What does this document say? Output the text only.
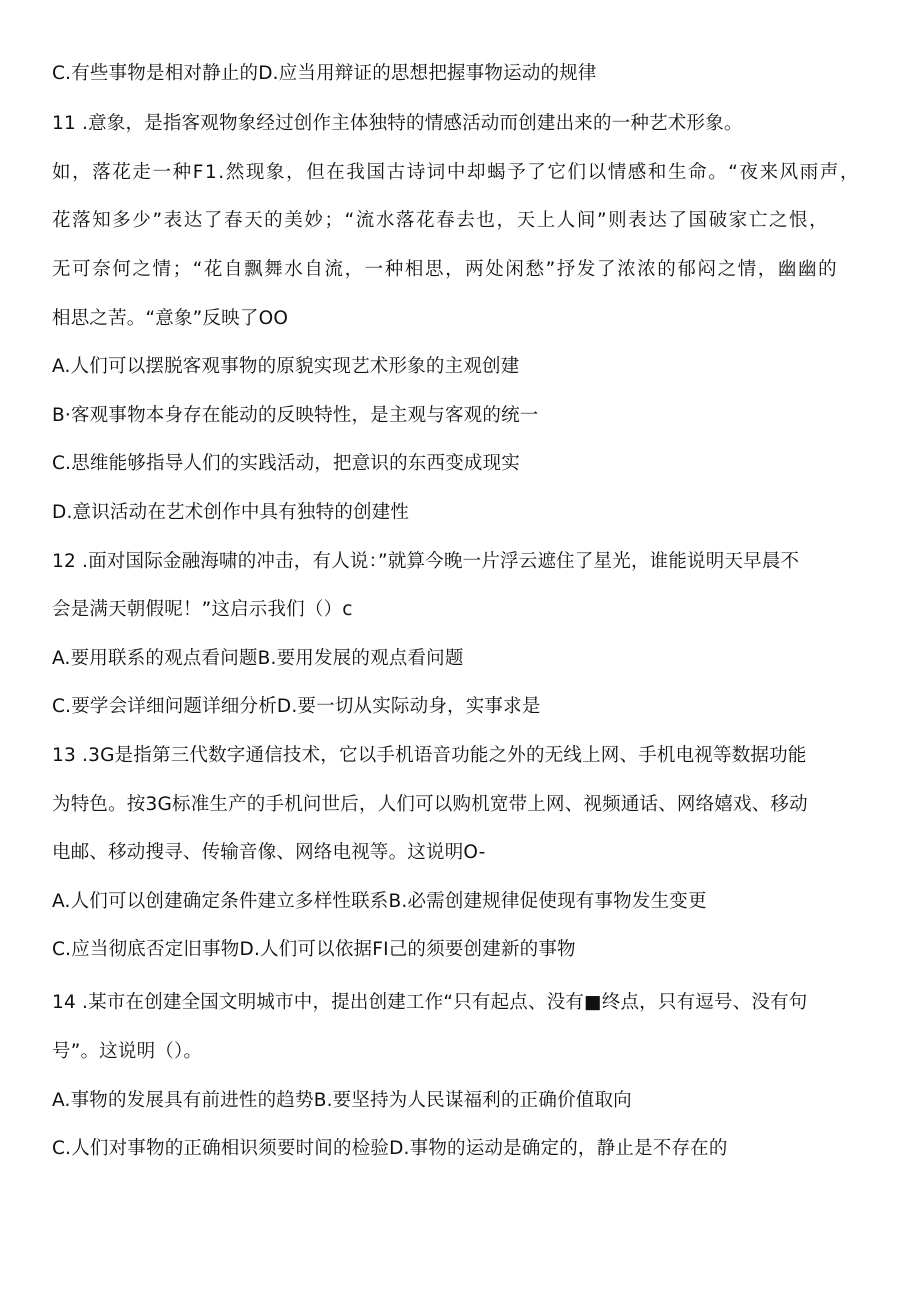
C.有些事物是相对静止的D.应当用辩证的思想把握事物运动的规律
11 .意象，是指客观物象经过创作主体独特的情感活动而创建出来的一种艺术形象。
如，落花走一种F1.然现象，但在我国古诗词中却蝎予了它们以情感和生命。“夜来风雨声，
花落知多少”表达了春天的美妙；“流水落花春去也，天上人间”则表达了国破家亡之恨，
无可奈何之情；“花自飘舞水自流，一种相思，两处闲愁”抒发了浓浓的郁闷之情，幽幽的
相思之苦。“意象”反映了OO
A.人们可以摆脱客观事物的原貌实现艺术形象的主观创建
B·客观事物本身存在能动的反映特性，是主观与客观的统一
C.思维能够指导人们的实践活动，把意识的东西变成现实
D.意识活动在艺术创作中具有独特的创建性
12 .面对国际金融海啸的冲击，有人说：”就算今晚一片浮云遮住了星光，谁能说明天早晨不
会是满天朝假呢！”这启示我们（）c
A.要用联系的观点看问题B.要用发展的观点看问题
C.要学会详细问题详细分析D.要一切从实际动身，实事求是
13 .3G是指第三代数字通信技术，它以手机语音功能之外的无线上网、手机电视等数据功能
为特色。按3G标准生产的手机问世后，人们可以购机宽带上网、视频通话、网络嬉戏、移动
电邮、移动搜寻、传输音像、网络电视等。这说明O-
A.人们可以创建确定条件建立多样性联系B.必需创建规律促使现有事物发生变更
C.应当彻底否定旧事物D.人们可以依据FI己的须要创建新的事物
14 .某市在创建全国文明城市中，提出创建工作“只有起点、没有■终点，只有逗号、没有句
号”。这说明（）。
A.事物的发展具有前进性的趋势B.要坚持为人民谋福利的正确价值取向
C.人们对事物的正确相识须要时间的检验D.事物的运动是确定的，静止是不存在的
